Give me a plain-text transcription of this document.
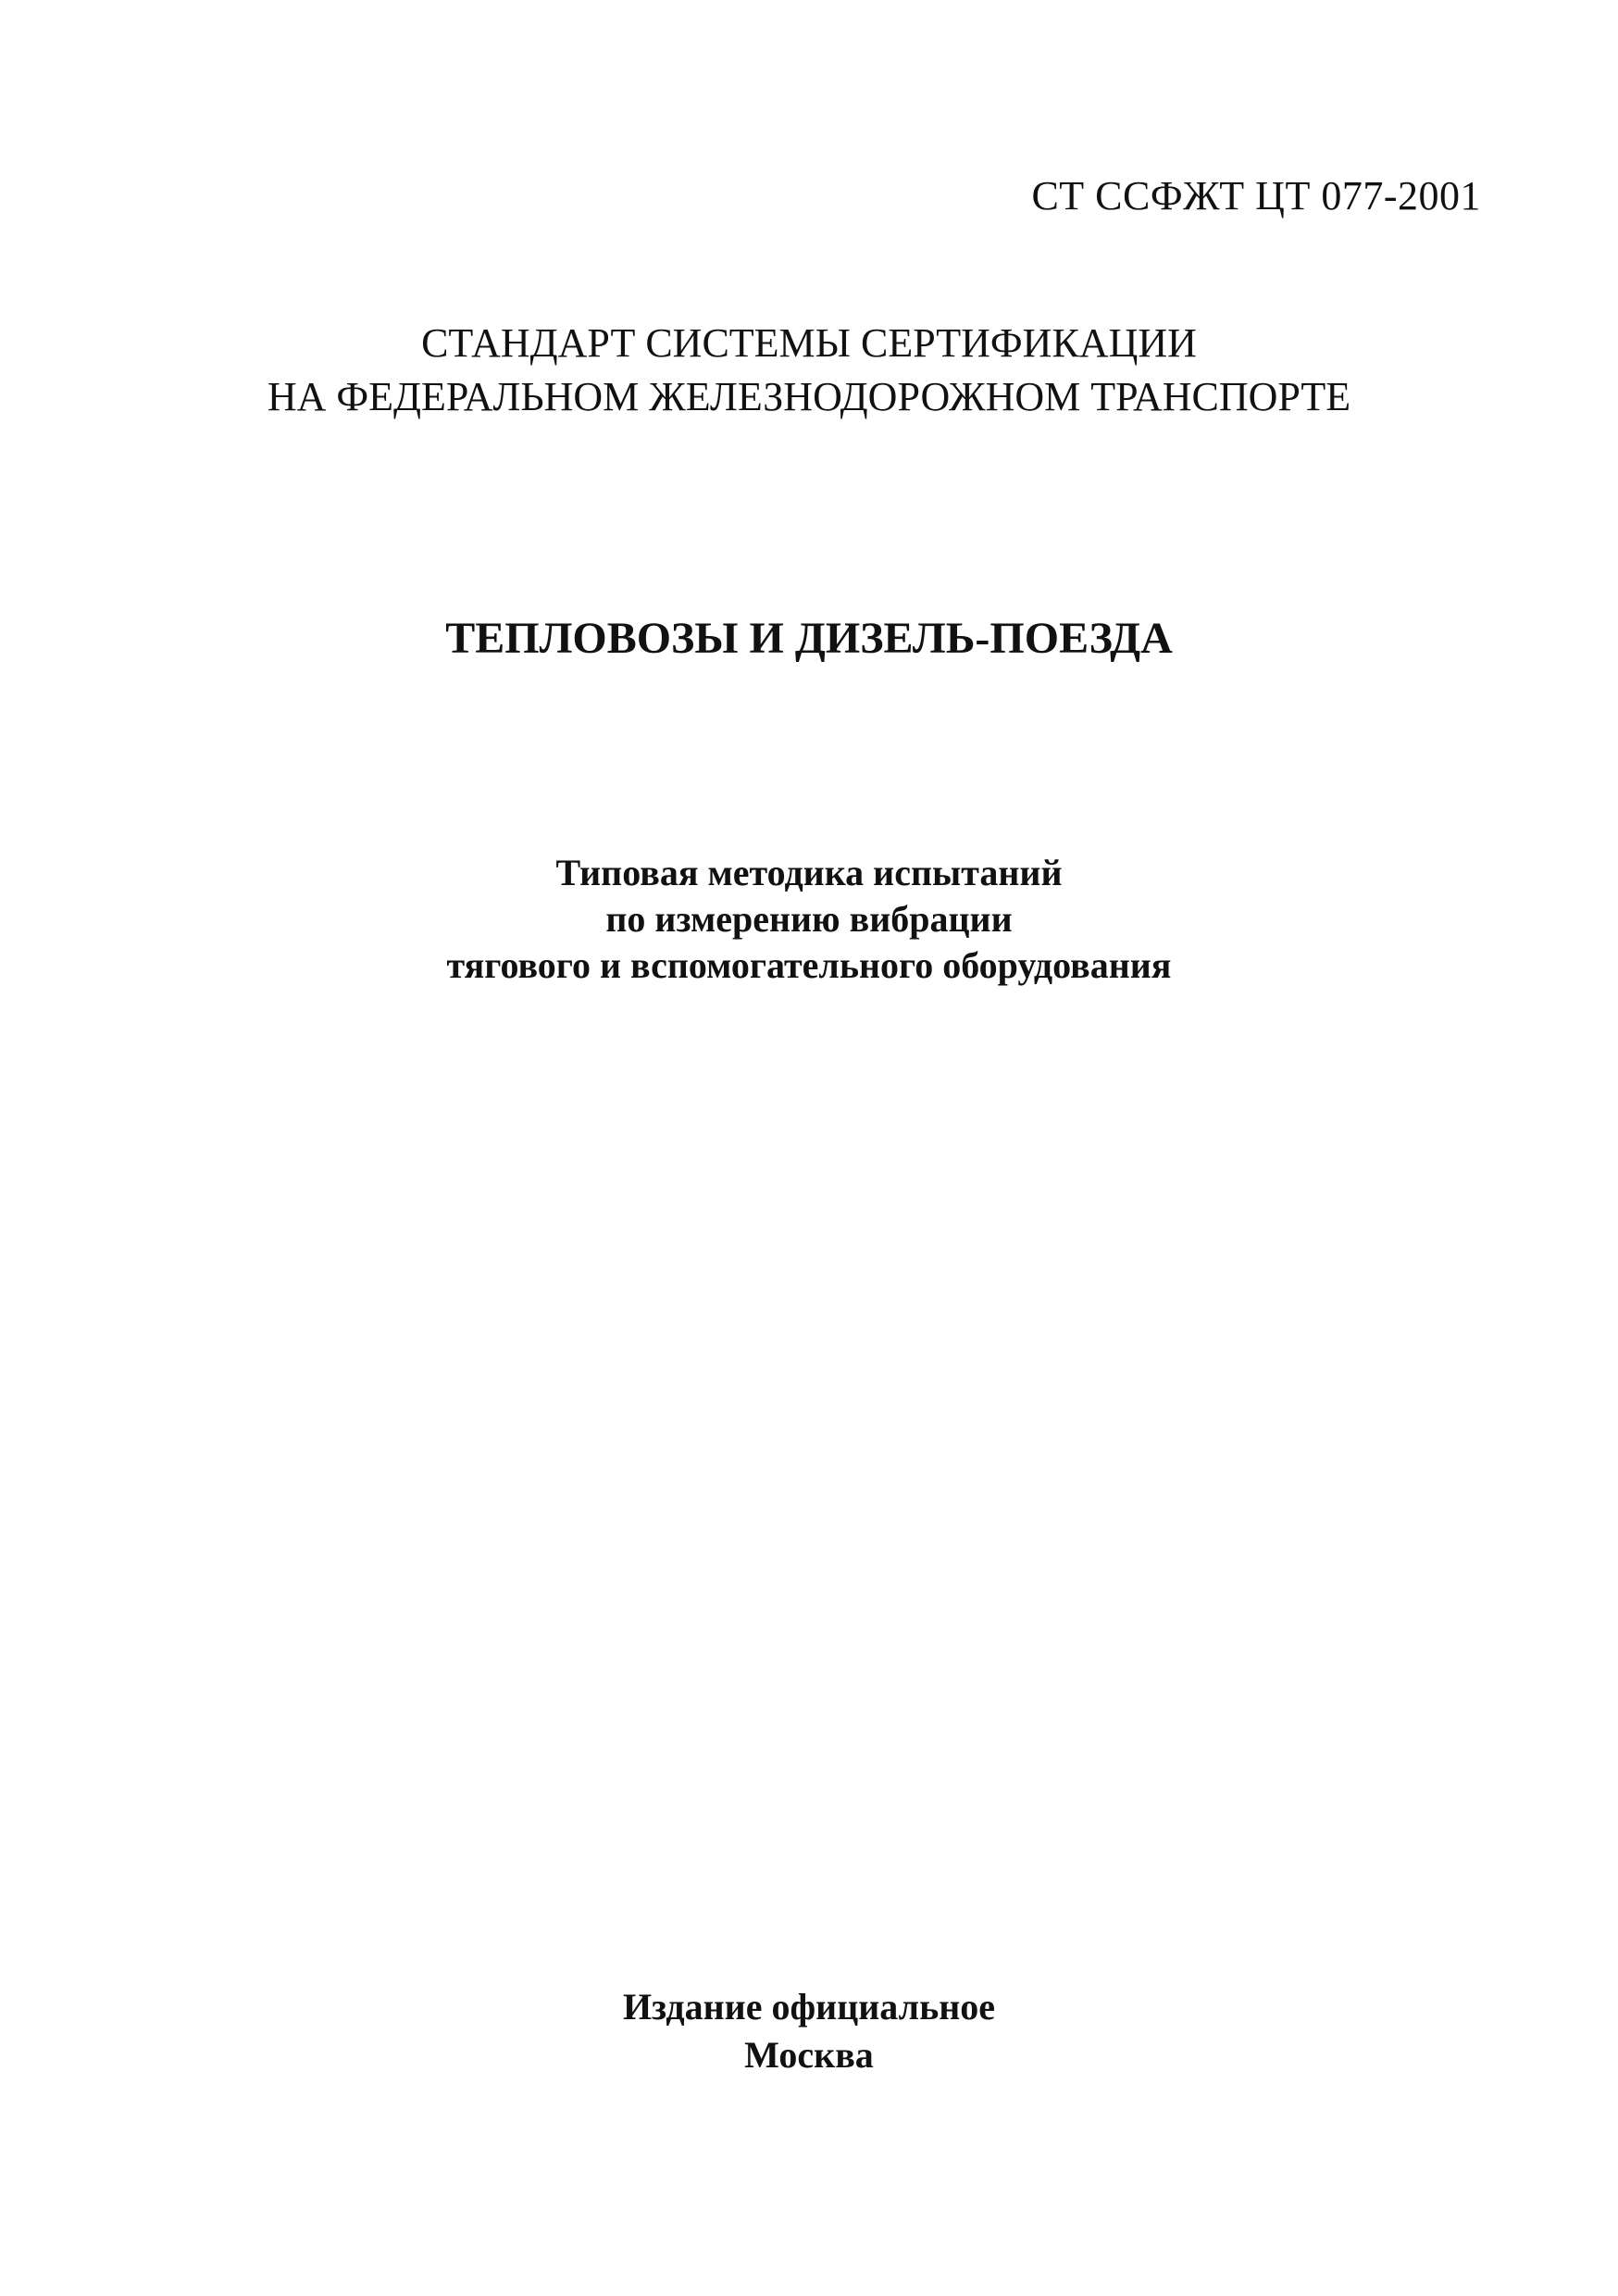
СТ ССФЖТ ЦТ 077-2001
СТАНДАРТ СИСТЕМЫ СЕРТИФИКАЦИИ
НА ФЕДЕРАЛЬНОМ ЖЕЛЕЗНОДОРОЖНОМ ТРАНСПОРТЕ
ТЕПЛОВОЗЫ И ДИЗЕЛЬ-ПОЕЗДА
Типовая методика испытаний
по измерению вибрации
тягового и вспомогательного оборудования
Издание официальное
Москва
